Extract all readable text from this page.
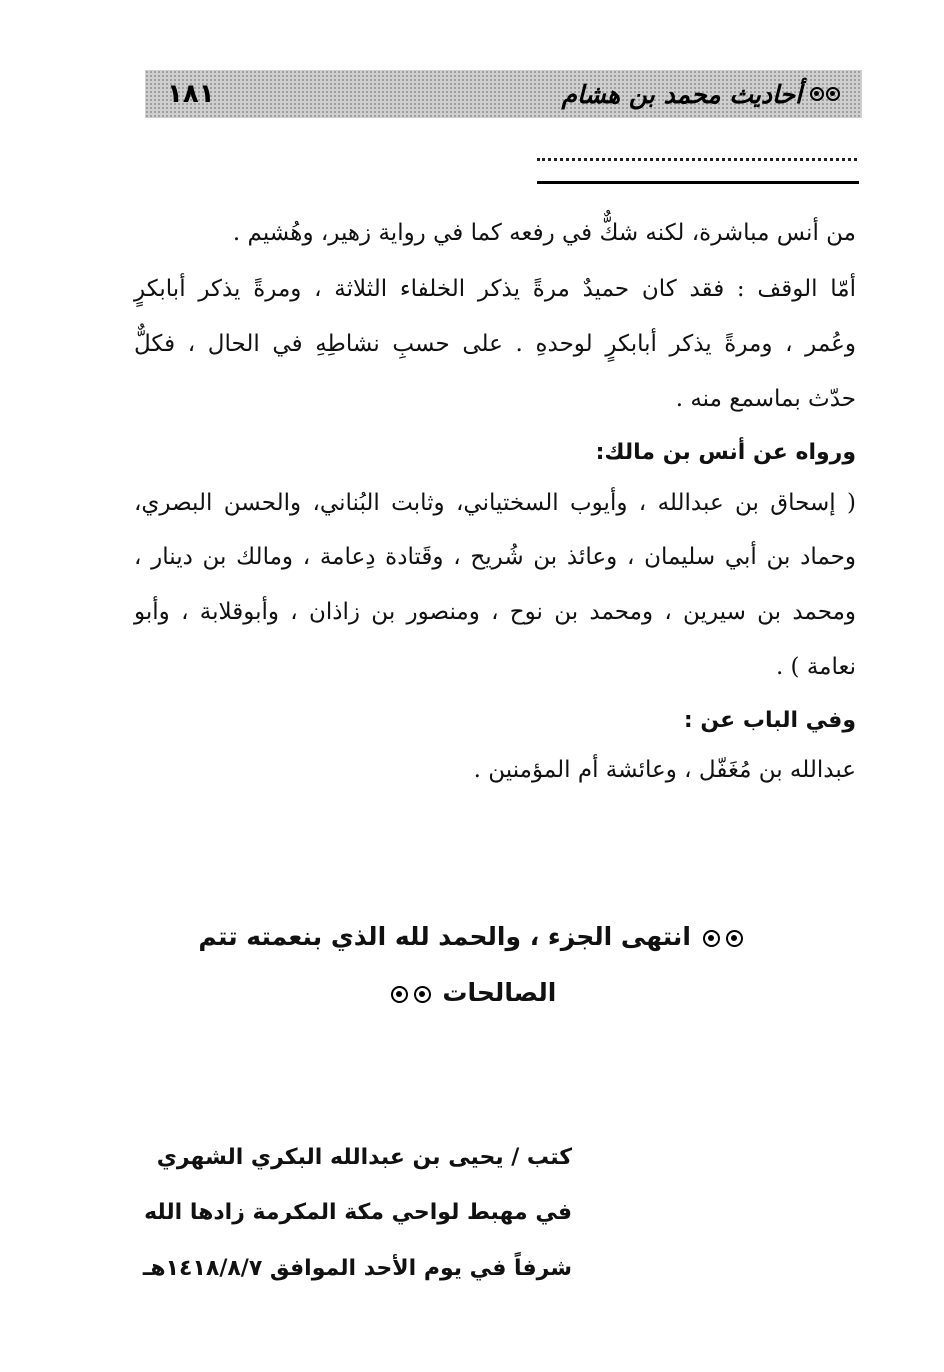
أحاديث محمد بن هشام
١٨١
من أنس مباشرة، لكنه شكٌّ في رفعه كما في رواية زهير، وهُشيم .
أمّا الوقف : فقد كان حميدٌ مرةً يذكر الخلفاء الثلاثة ، ومرةً يذكر أبابكرٍ
وعُمر ، ومرةً يذكر أبابكرٍ لوحدهِ . على حسبِ نشاطِهِ في الحال ، فكلٌّ
حدّث بماسمع منه .
ورواه عن أنس بن مالك:
( إسحاق بن عبدالله ، وأيوب السختياني، وثابت البُناني، والحسن البصري،
وحماد بن أبي سليمان ، وعائذ بن شُريح ، وقَتادة دِعامة ، ومالك بن دينار ،
ومحمد بن سيرين ، ومحمد بن نوح ، ومنصور بن زاذان ، وأبوقلابة ، وأبو
نعامة ) .
وفي الباب عن :
عبدالله بن مُغَفّل ، وعائشة أم المؤمنين .
انتهى الجزء ، والحمد لله الذي بنعمته تتم
الصالحات
كتب / يحيى بن عبدالله البكري الشهري
في مهبط لواحي مكة المكرمة زادها الله
شرفاً في يوم الأحد الموافق ١٤١٨/٨/٧هـ
